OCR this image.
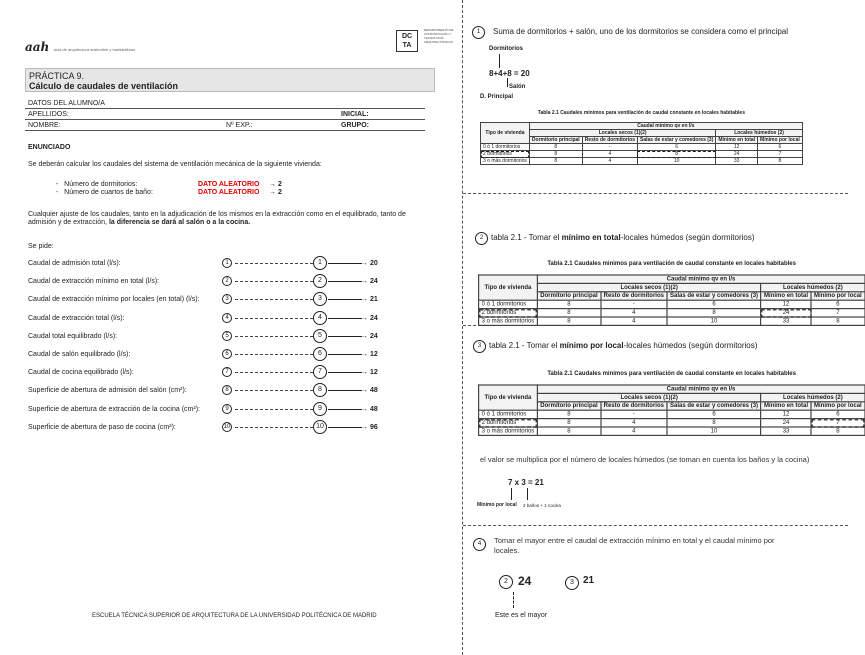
aah aula de arquitectura sostenible y habitabilidad
DC
TA
DEPARTAMENTO DE CONSTRUCCIÓN Y TECNOLOGÍA ARQUITECTÓNICAS
PRÁCTICA 9.
Cálculo de caudales de ventilación
DATOS DEL ALUMNO/A
APELLIDOS:	INICIAL:
NOMBRE:	Nº EXP.:	GRUPO:
ENUNCIADO
Se deberán calcular los caudales del sistema de ventilación mecánica de la siguiente vivienda:
-   Número de dormitorios:	DATO ALEATORIO → 2
-   Número de cuartos de baño:	DATO ALEATORIO → 2
Cualquier ajuste de los caudales, tanto en la adjudicación de los mismos en la extracción como en el equilibrado, tanto de
admisión y de extracción, la diferencia se dará al salón o a la cocina.
Se pide:
Caudal de admisión total (l/s):	1	1	→ 20
Caudal de extracción mínimo en total (l/s):	2	2	→ 24
Caudal de extracción mínimo por locales (en total) (l/s):	3	3	→ 21
Caudal de extracción total (l/s):	4	4	→ 24
Caudal total equilibrado (l/s):	5	5	→ 24
Caudal de salón equilibrado (l/s):	6	6	→ 12
Caudal de cocina equilibrado (l/s):	7	7	→ 12
Superficie de abertura de admisión del salón (cm²):	8	8	→ 48
Superficie de abertura de extracción de la cocina (cm²):	9	9	→ 48
Superficie de abertura de paso de cocina (cm²):	10	10	→ 96
ESCUELA TÉCNICA SUPERIOR DE ARQUITECTURA DE LA UNIVERSIDAD POLITÉCNICA DE MADRID
1	Suma de dormitorios + salón, uno de los dormitorios se considera como el principal
Dormitorios
8+4+8 = 20
Salón
D. Principal
Tabla 2.1 Caudales mínimos para ventilación de caudal constante en locales habitables
Tipo de vivienda	Caudal mínimo qv en l/s				
	Locales secos (1)(2)			Locales húmedos (2)	
	Dormitorio principal	Resto de dormitorios	Salas de estar y comedores (3)	Mínimo en total	Mínimo por local
0 ó 1 dormitorios	8	-	6	12	6
2 dormitorios	8	4	8	24	7
3 o más dormitorios	8	4	10	33	8
2 tabla 2.1 - Tomar el mínimo en total-locales húmedos (según dormitorios)
Tabla 2.1 Caudales mínimos para ventilación de caudal constante en locales habitables
Tipo de vivienda	Caudal mínimo qv en l/s				
	Locales secos (1)(2)			Locales húmedos (2)	
	Dormitorio principal	Resto de dormitorios	Salas de estar y comedores (3)	Mínimo en total	Mínimo por local
0 ó 1 dormitorios	8	-	6	12	6
2 dormitorios	8	4	8	24	7
3 o más dormitorios	8	4	10	33	8
3 tabla 2.1 - Tomar el mínimo por local-locales húmedos (según dormitorios)
Tabla 2.1 Caudales mínimos para ventilación de caudal constante en locales habitables
Tipo de vivienda	Caudal mínimo qv en l/s				
	Locales secos (1)(2)			Locales húmedos (2)	
	Dormitorio principal	Resto de dormitorios	Salas de estar y comedores (3)	Mínimo en total	Mínimo por local
0 ó 1 dormitorios	8	-	6	12	6
2 dormitorios	8	4	8	24	7
3 o más dormitorios	8	4	10	33	8
el valor se multiplica por el número de locales húmedos (se toman en cuenta los baños y la cocina)
7 x 3 = 21
Mínimo por local 2 baños + 1 cocina
4	Tomar el mayor entre el caudal de extracción mínimo en total y el caudal mínimo por locales.
2 24	3 21
Este es el mayor
